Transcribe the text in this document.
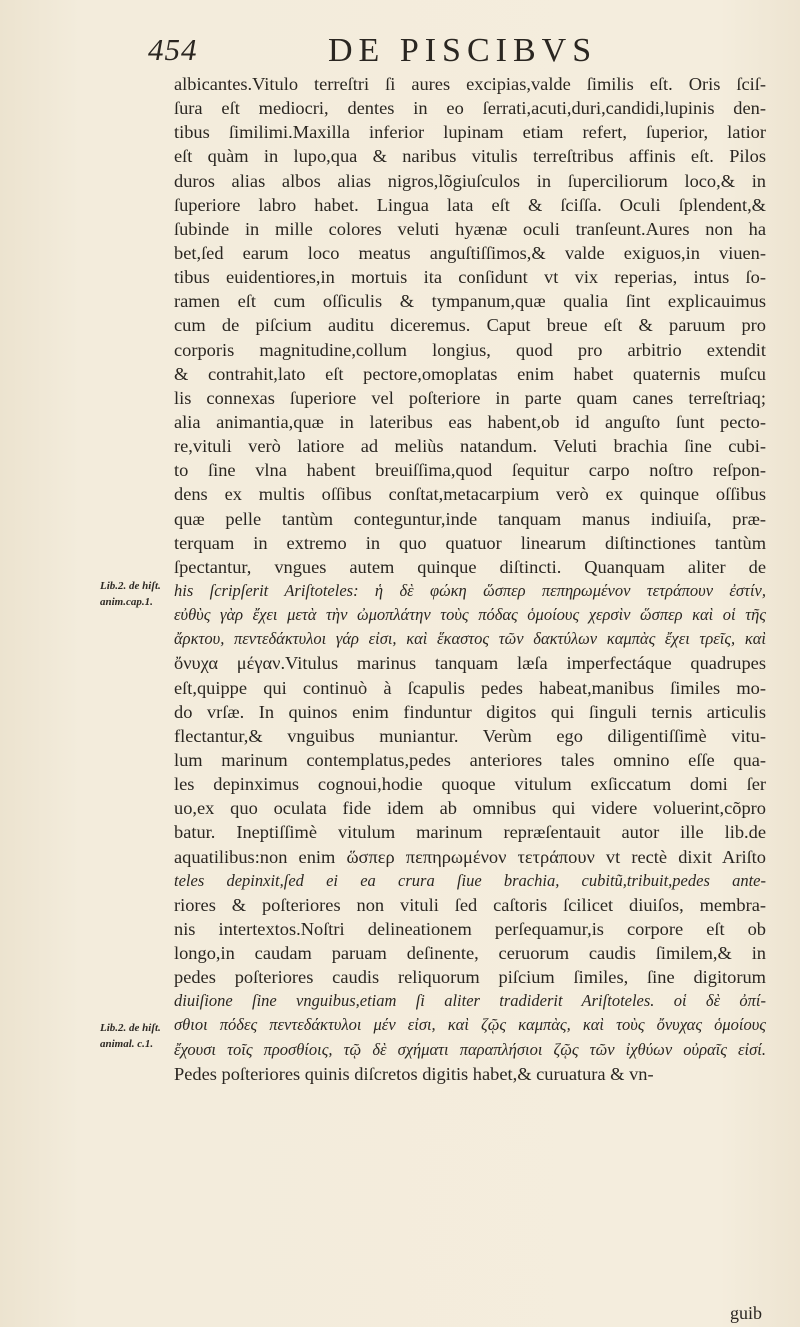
454	DE PISCIBVS
albicantes.Vitulo terreſtri ſi aures excipias,valde ſimilis eſt. Oris ſciſ-
ſura eſt mediocri, dentes in eo ſerrati,acuti,duri,candidi,lupinis den-
tibus ſimilimi.Maxilla inferior lupinam etiam refert, ſuperior, latior
eſt quàm in lupo,qua & naribus vitulis terreſtribus affinis eſt. Pilos
duros alias albos alias nigros,lõgiuſculos in ſuperciliorum loco,& in
ſuperiore labro habet. Lingua lata eſt & ſciſſa. Oculi ſplendent,&
ſubinde in mille colores veluti hyænæ oculi tranſeunt.Aures non ha
bet,ſed earum loco meatus anguſtiſſimos,& valde exiguos,in viuen-
tibus euidentiores,in mortuis ita conſidunt vt vix reperias, intus ſo-
ramen eſt cum oſſiculis & tympanum,quæ qualia ſint explicauimus
cum de piſcium auditu diceremus. Caput breue eſt & paruum pro
corporis magnitudine,collum longius, quod pro arbitrio extendit
& contrahit,lato eſt pectore,omoplatas enim habet quaternis muſcu
lis connexas ſuperiore vel poſteriore in parte quam canes terreſtriaq;
alia animantia,quæ in lateribus eas habent,ob id anguſto ſunt pecto-
re,vituli verò latiore ad meliùs natandum. Veluti brachia ſine cubi-
to ſine vlna habent breuiſſima,quod ſequitur carpo noſtro reſpon-
dens ex multis oſſibus conſtat,metacarpium verò ex quinque oſſibus
quæ pelle tantùm conteguntur,inde tanquam manus indiuiſa, præ-
terquam in extremo in quo quatuor linearum diſtinctiones tantùm
ſpectantur, vngues autem quinque diſtincti. Quanquam aliter de
his ſcripſerit Ariſtoteles: ἡ δὲ φώκη ὥσπερ πεπηρωμένον τετράπουν ἐστίν,
εὐθὺς γὰρ ἔχει μετὰ τὴν ὠμοπλάτην τοὺς πόδας ὁμοίους χερσὶν ὥσπερ καὶ οἱ τῆς
ἄρκτου, πεντεδάκτυλοι γάρ εἰσι, καὶ ἕκαστος τῶν δακτύλων καμπὰς ἔχει τρεῖς, καὶ
ὄνυχα μέγαν.Vitulus marinus tanquam læſa imperfectáque quadrupes
eſt,quippe qui continuò à ſcapulis pedes habeat,manibus ſimiles mo-
do vrſæ. In quinos enim finduntur digitos qui ſinguli ternis articulis
flectantur,& vnguibus muniantur. Verùm ego diligentiſſimè vitu-
lum marinum contemplatus,pedes anteriores tales omnino eſſe qua-
les depinximus cognoui,hodie quoque vitulum exſiccatum domi ſer
uo,ex quo oculata fide idem ab omnibus qui videre voluerint,cõpro
batur. Ineptiſſimè vitulum marinum repræſentauit autor ille lib.de
aquatilibus:non enim ὥσπερ πεπηρωμένον τετράπουν vt rectè dixit Ariſto
teles depinxit,ſed ei ea crura ſiue brachia, cubitũ,tribuit,pedes ante-
riores & poſteriores non vituli ſed caſtoris ſcilicet diuiſos, membra-
nis intertextos.Noſtri delineationem perſequamur,is corpore eſt ob
longo,in caudam paruam deſinente, ceruorum caudis ſimilem,& in
pedes poſteriores caudis reliquorum piſcium ſimiles, ſine digitorum
diuiſione ſine vnguibus,etiam ſi aliter tradiderit Ariſtoteles. οἱ δὲ ὀπί-
σθιοι πόδες πεντεδάκτυλοι μέν εἰσι, καὶ ζῷς καμπὰς, καὶ τοὺς ὄνυχας ὁμοίους
ἔχουσι τοῖς προσθίοις, τῷ δὲ σχήματι παραπλήσιοι ζῷς τῶν ἰχθύων οὐραῖς εἰσί.
Pedes poſteriores quinis diſcretos digitis habet,& curuatura & vn-
Lib.2. de hiſt. anim.cap.1.
Lib.2. de hiſt. animal. c.1.
guib
